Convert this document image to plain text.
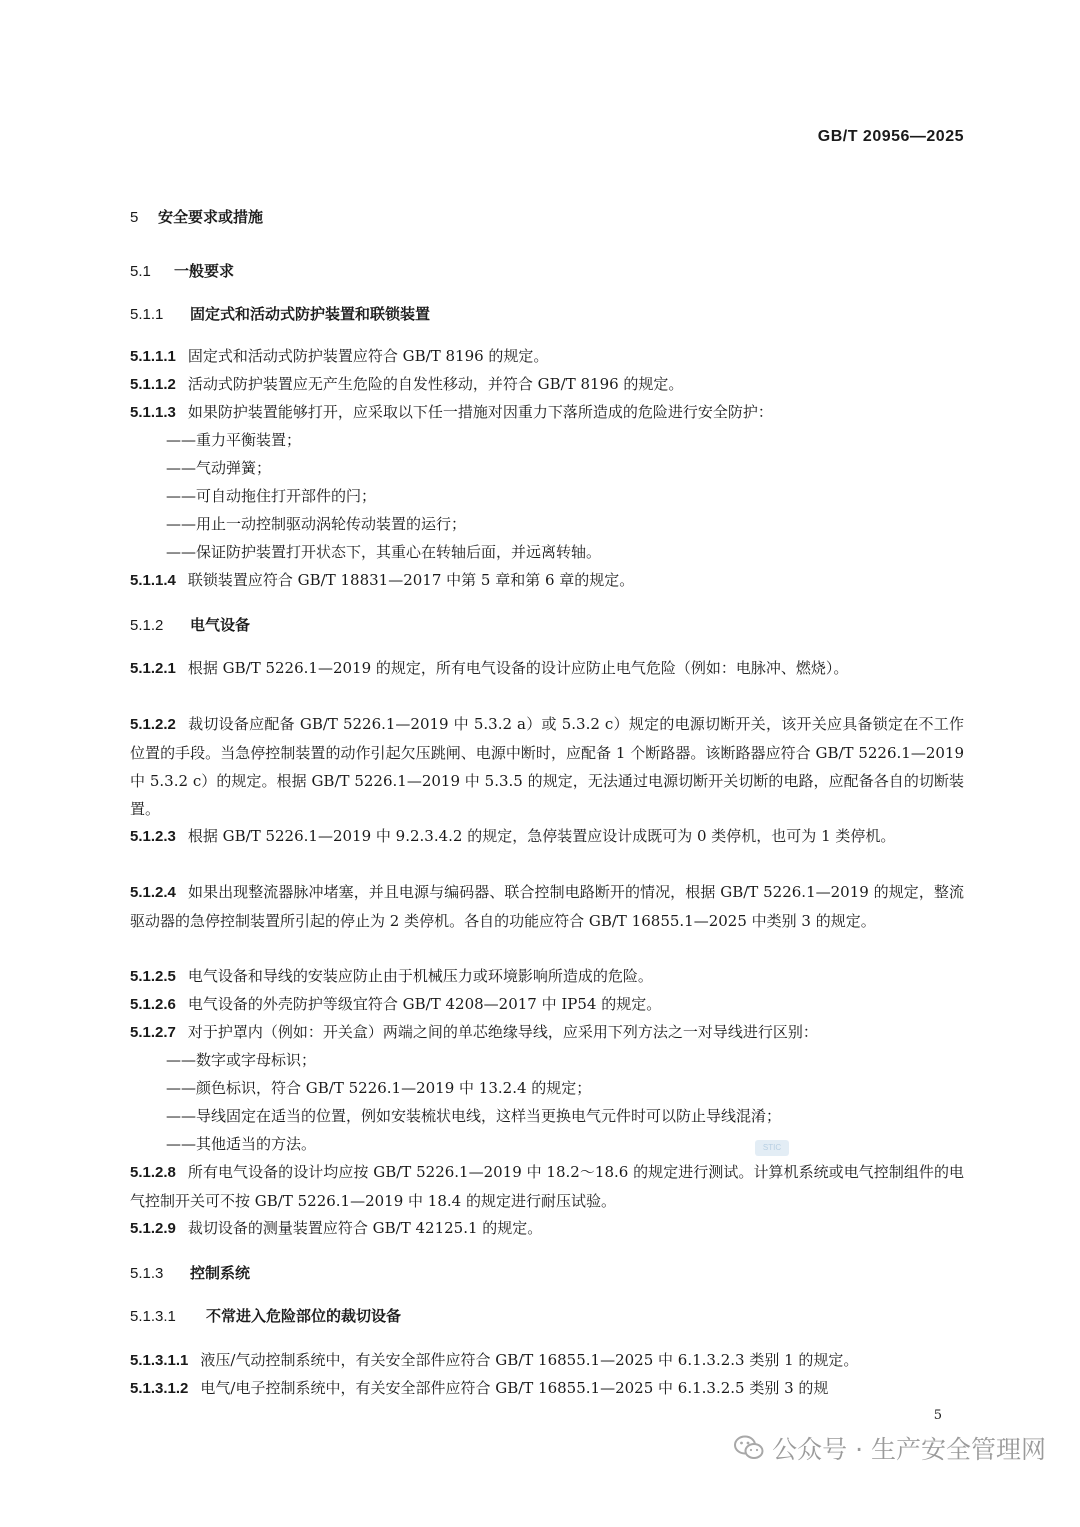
GB/T 20956—2025
5 安全要求或措施
5.1 一般要求
5.1.1 固定式和活动式防护装置和联锁装置
5.1.1.1 固定式和活动式防护装置应符合 GB/T 8196 的规定。
5.1.1.2 活动式防护装置应无产生危险的自发性移动，并符合 GB/T 8196 的规定。
5.1.1.3 如果防护装置能够打开，应采取以下任一措施对因重力下落所造成的危险进行安全防护：
——重力平衡装置；
——气动弹簧；
——可自动拖住打开部件的闩；
——用止一动控制驱动涡轮传动装置的运行；
——保证防护装置打开状态下，其重心在转轴后面，并远离转轴。
5.1.1.4 联锁装置应符合 GB/T 18831—2017 中第 5 章和第 6 章的规定。
5.1.2 电气设备
5.1.2.1 根据 GB/T 5226.1—2019 的规定，所有电气设备的设计应防止电气危险（例如：电脉冲、燃烧）。
5.1.2.2 裁切设备应配备 GB/T 5226.1—2019 中 5.3.2 a）或 5.3.2 c）规定的电源切断开关，该开关应具备锁定在不工作位置的手段。当急停控制装置的动作引起欠压跳闸、电源中断时，应配备 1 个断路器。该断路器应符合 GB/T 5226.1—2019 中 5.3.2 c）的规定。根据 GB/T 5226.1—2019 中 5.3.5 的规定，无法通过电源切断开关切断的电路，应配备各自的切断装置。
5.1.2.3 根据 GB/T 5226.1—2019 中 9.2.3.4.2 的规定，急停装置应设计成既可为 0 类停机，也可为 1 类停机。
5.1.2.4 如果出现整流器脉冲堵塞，并且电源与编码器、联合控制电路断开的情况，根据 GB/T 5226.1—2019 的规定，整流驱动器的急停控制装置所引起的停止为 2 类停机。各自的功能应符合 GB/T 16855.1—2025 中类别 3 的规定。
5.1.2.5 电气设备和导线的安装应防止由于机械压力或环境影响所造成的危险。
5.1.2.6 电气设备的外壳防护等级宜符合 GB/T 4208—2017 中 IP54 的规定。
5.1.2.7 对于护罩内（例如：开关盒）两端之间的单芯绝缘导线，应采用下列方法之一对导线进行区别：
——数字或字母标识；
——颜色标识，符合 GB/T 5226.1—2019 中 13.2.4 的规定；
——导线固定在适当的位置，例如安装梳状电线，这样当更换电气元件时可以防止导线混淆；
——其他适当的方法。	STIC
5.1.2.8 所有电气设备的设计均应按 GB/T 5226.1—2019 中 18.2～18.6 的规定进行测试。计算机系统或电气控制组件的电气控制开关可不按 GB/T 5226.1—2019 中 18.4 的规定进行耐压试验。
5.1.2.9 裁切设备的测量装置应符合 GB/T 42125.1 的规定。
5.1.3 控制系统
5.1.3.1 不常进入危险部位的裁切设备
5.1.3.1.1 液压/气动控制系统中，有关安全部件应符合 GB/T 16855.1—2025 中 6.1.3.2.3 类别 1 的规定。
5.1.3.1.2 电气/电子控制系统中，有关安全部件应符合 GB/T 16855.1—2025 中 6.1.3.2.5 类别 3 的规
5
公众号 · 生产安全管理网
